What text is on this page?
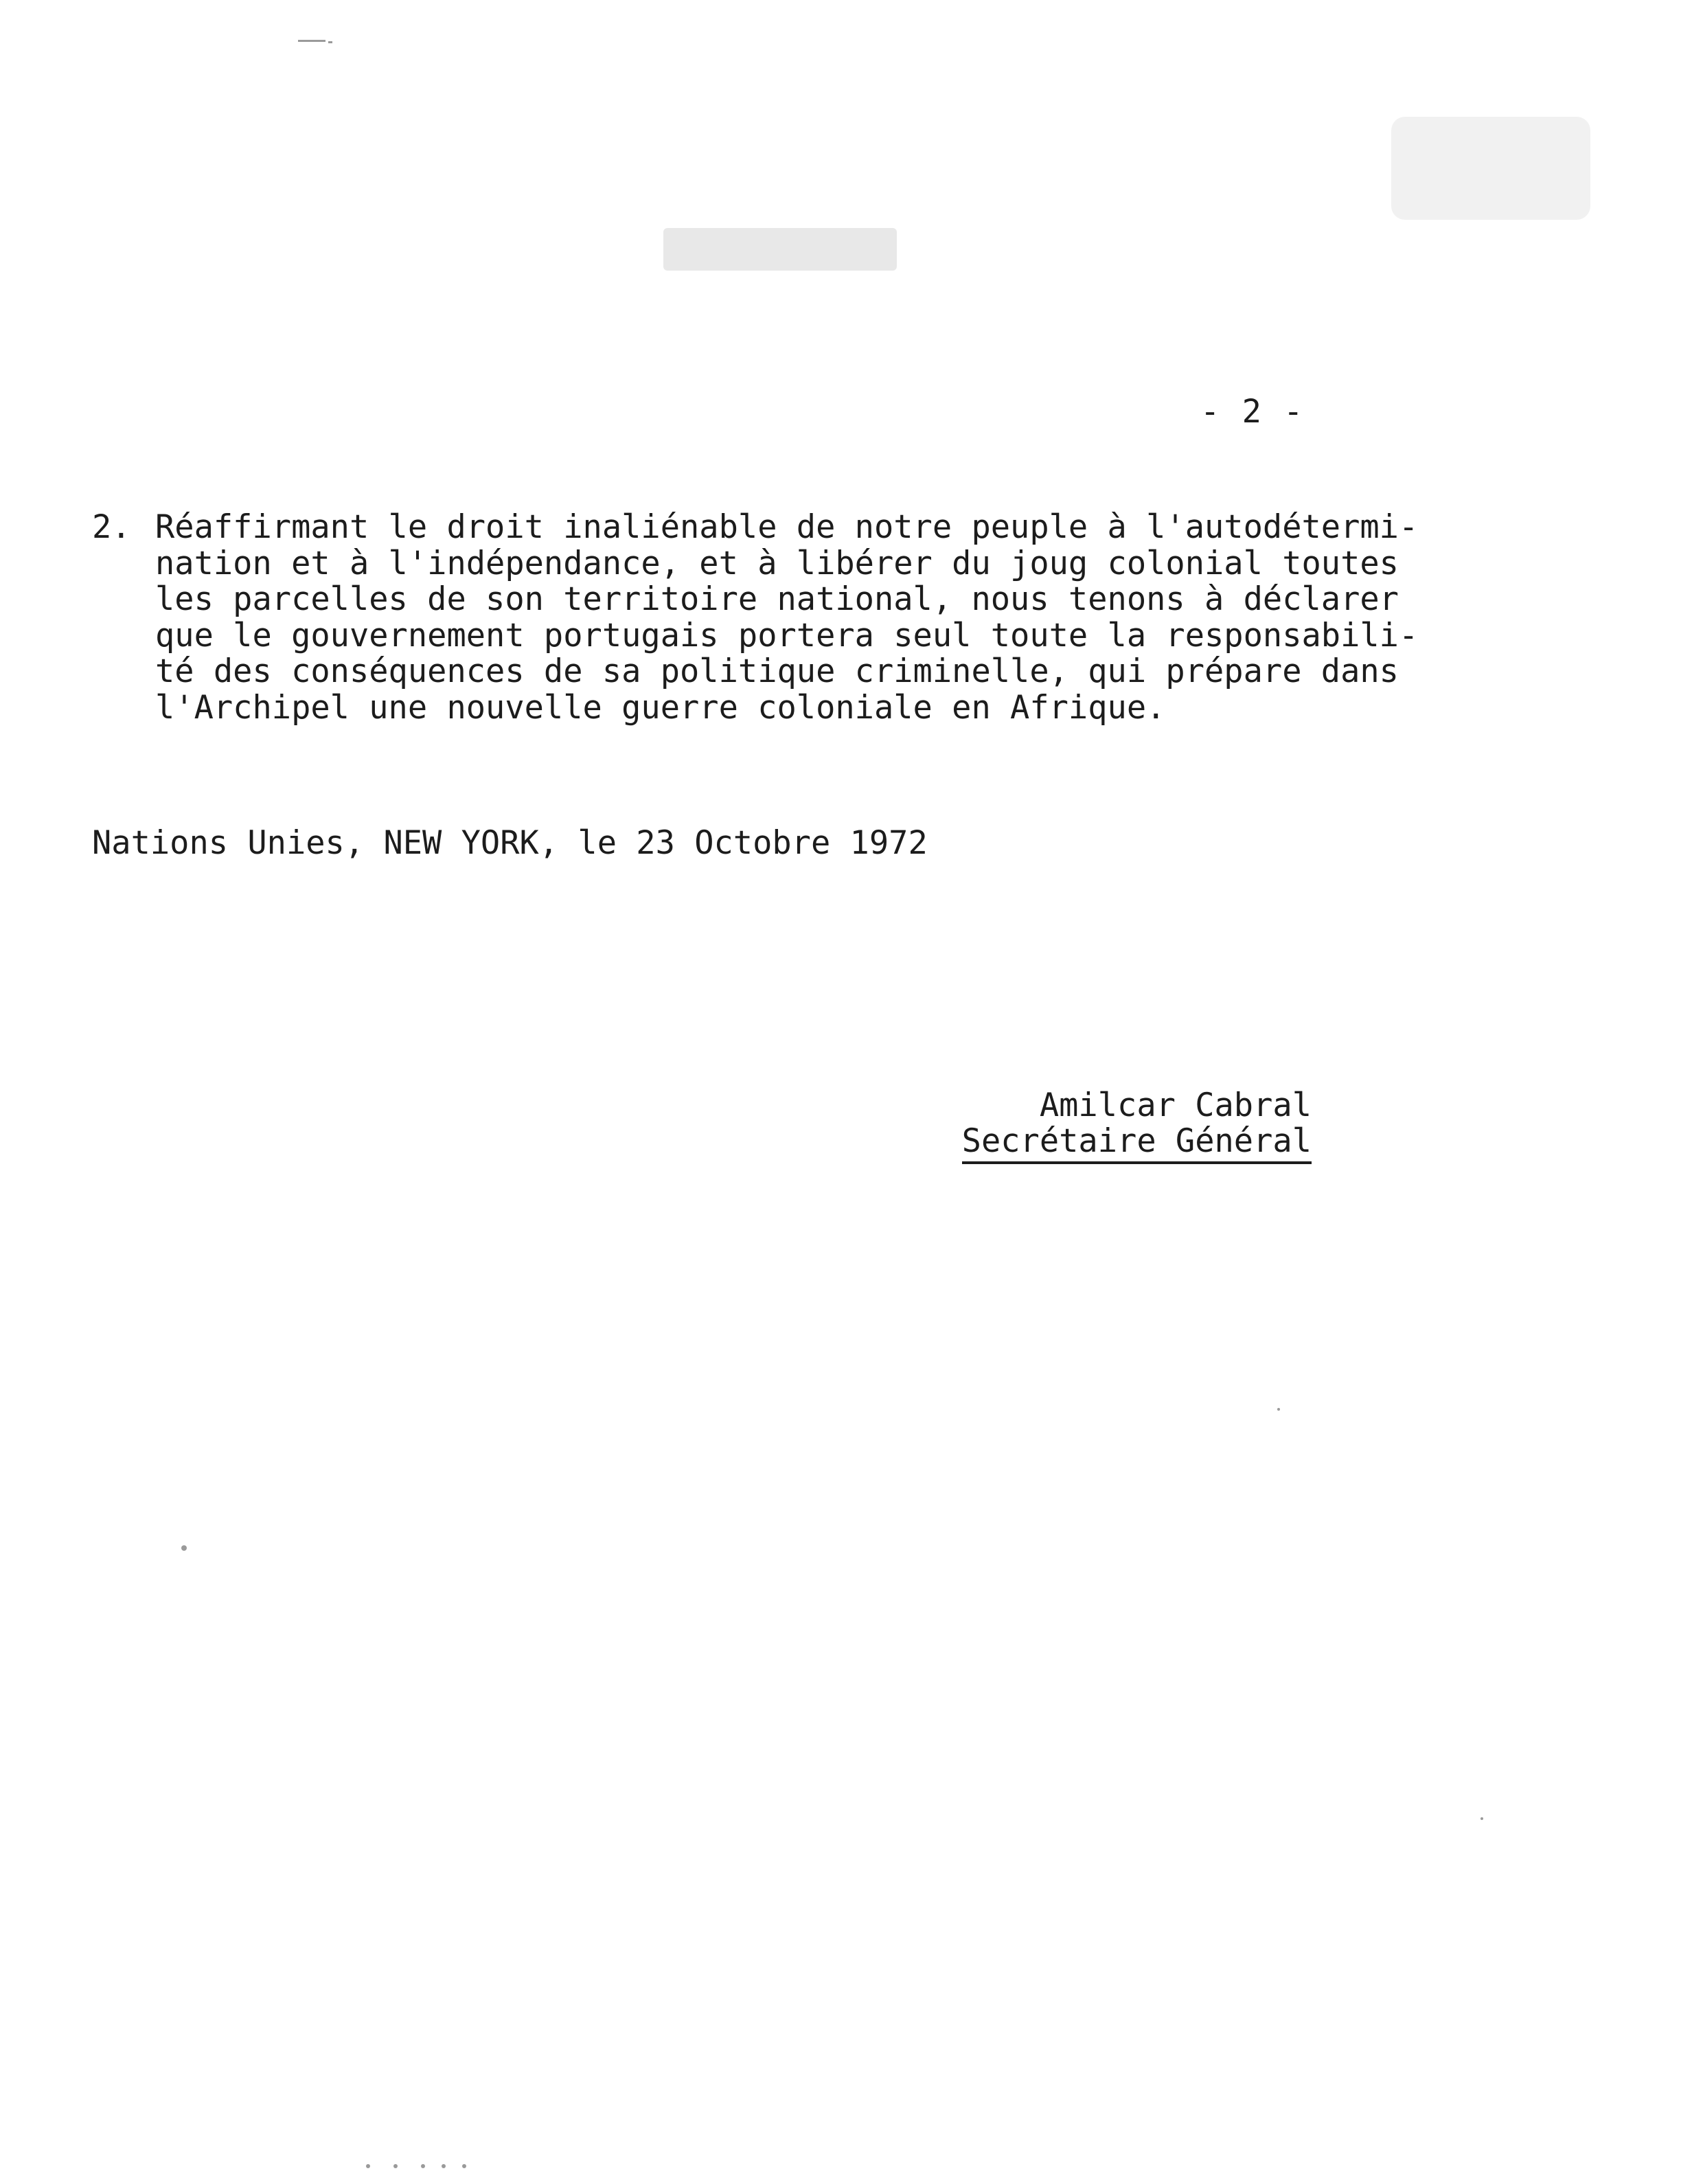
- 2 -
2. Réaffirmant le droit inaliénable de notre peuple à l'autodétermi-
nation et à l'indépendance, et à libérer du joug colonial toutes
les parcelles de son territoire national, nous tenons à déclarer
que le gouvernement portugais portera seul toute la responsabili-
té des conséquences de sa politique criminelle, qui prépare dans
l'Archipel une nouvelle guerre coloniale en Afrique.
Nations Unies, NEW YORK, le 23 Octobre 1972
Amilcar Cabral
Secrétaire Général
